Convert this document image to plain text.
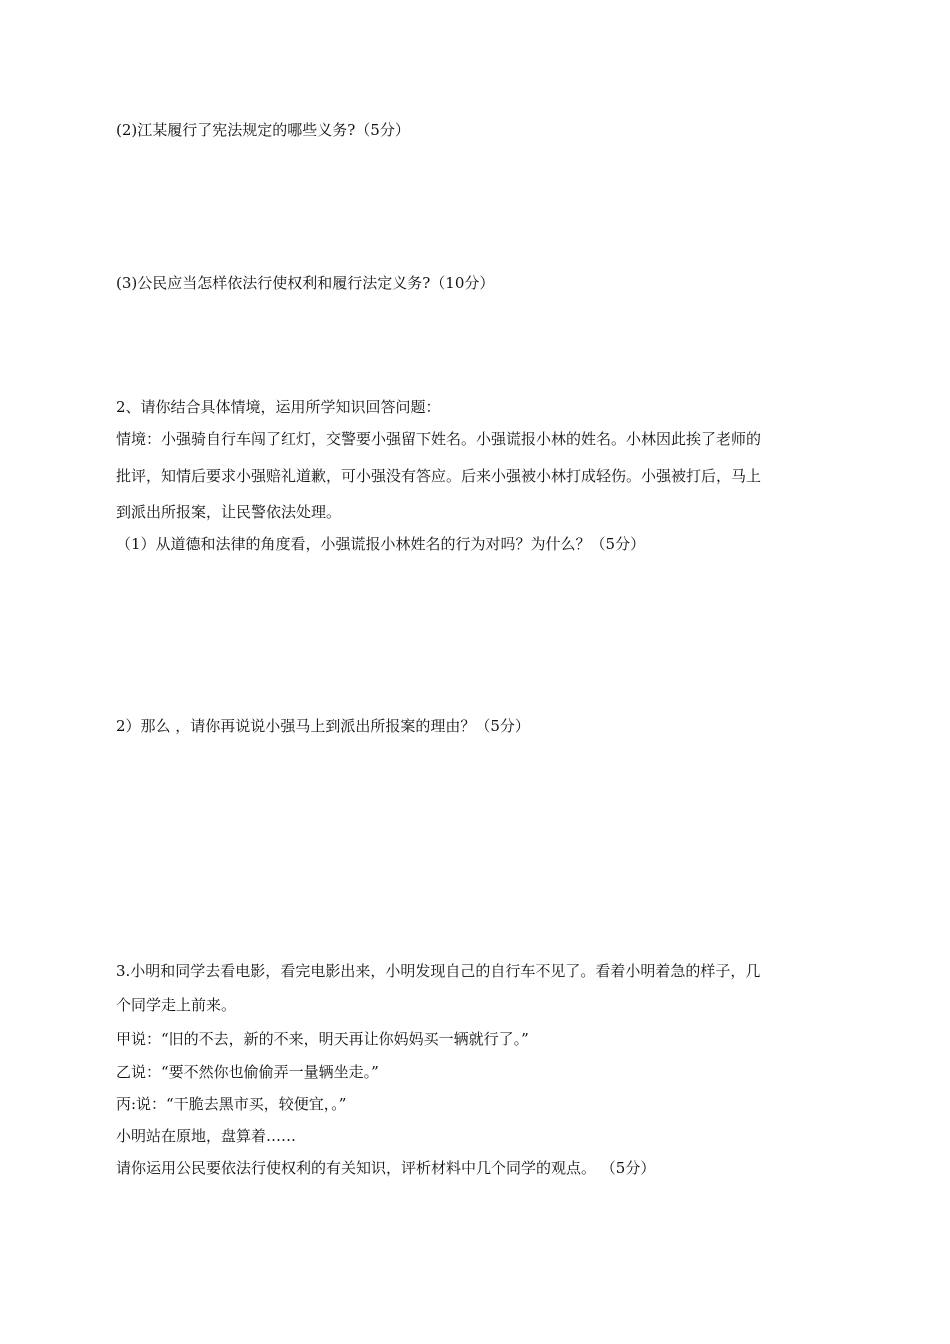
(2)江某履行了宪法规定的哪些义务?（5分）

(3)公民应当怎样依法行使权利和履行法定义务?（10分）

2、请你结合具体情境，运用所学知识回答问题：

情境：小强骑自行车闯了红灯，交警要小强留下姓名。小强谎报小林的姓名。小林因此挨了老师的

批评，知情后要求小强赔礼道歉，可小强没有答应。后来小强被小林打成轻伤。小强被打后，马上

到派出所报案，让民警依法处理。

（1）从道德和法律的角度看，小强谎报小林姓名的行为对吗？为什么？（5分）

2）那么 ，请你再说说小强马上到派出所报案的理由？（5分）

3.小明和同学去看电影，看完电影出来，小明发现自己的自行车不见了。看着小明着急的样子，几

个同学走上前来。

甲说：“旧的不去，新的不来，明天再让你妈妈买一辆就行了。”

乙说：“要不然你也偷偷弄一量辆坐走。”

丙:说：“干脆去黑市买，较便宜，。”

小明站在原地，盘算着……

请你运用公民要依法行使权利的有关知识，评析材料中几个同学的观点。 （5分）
